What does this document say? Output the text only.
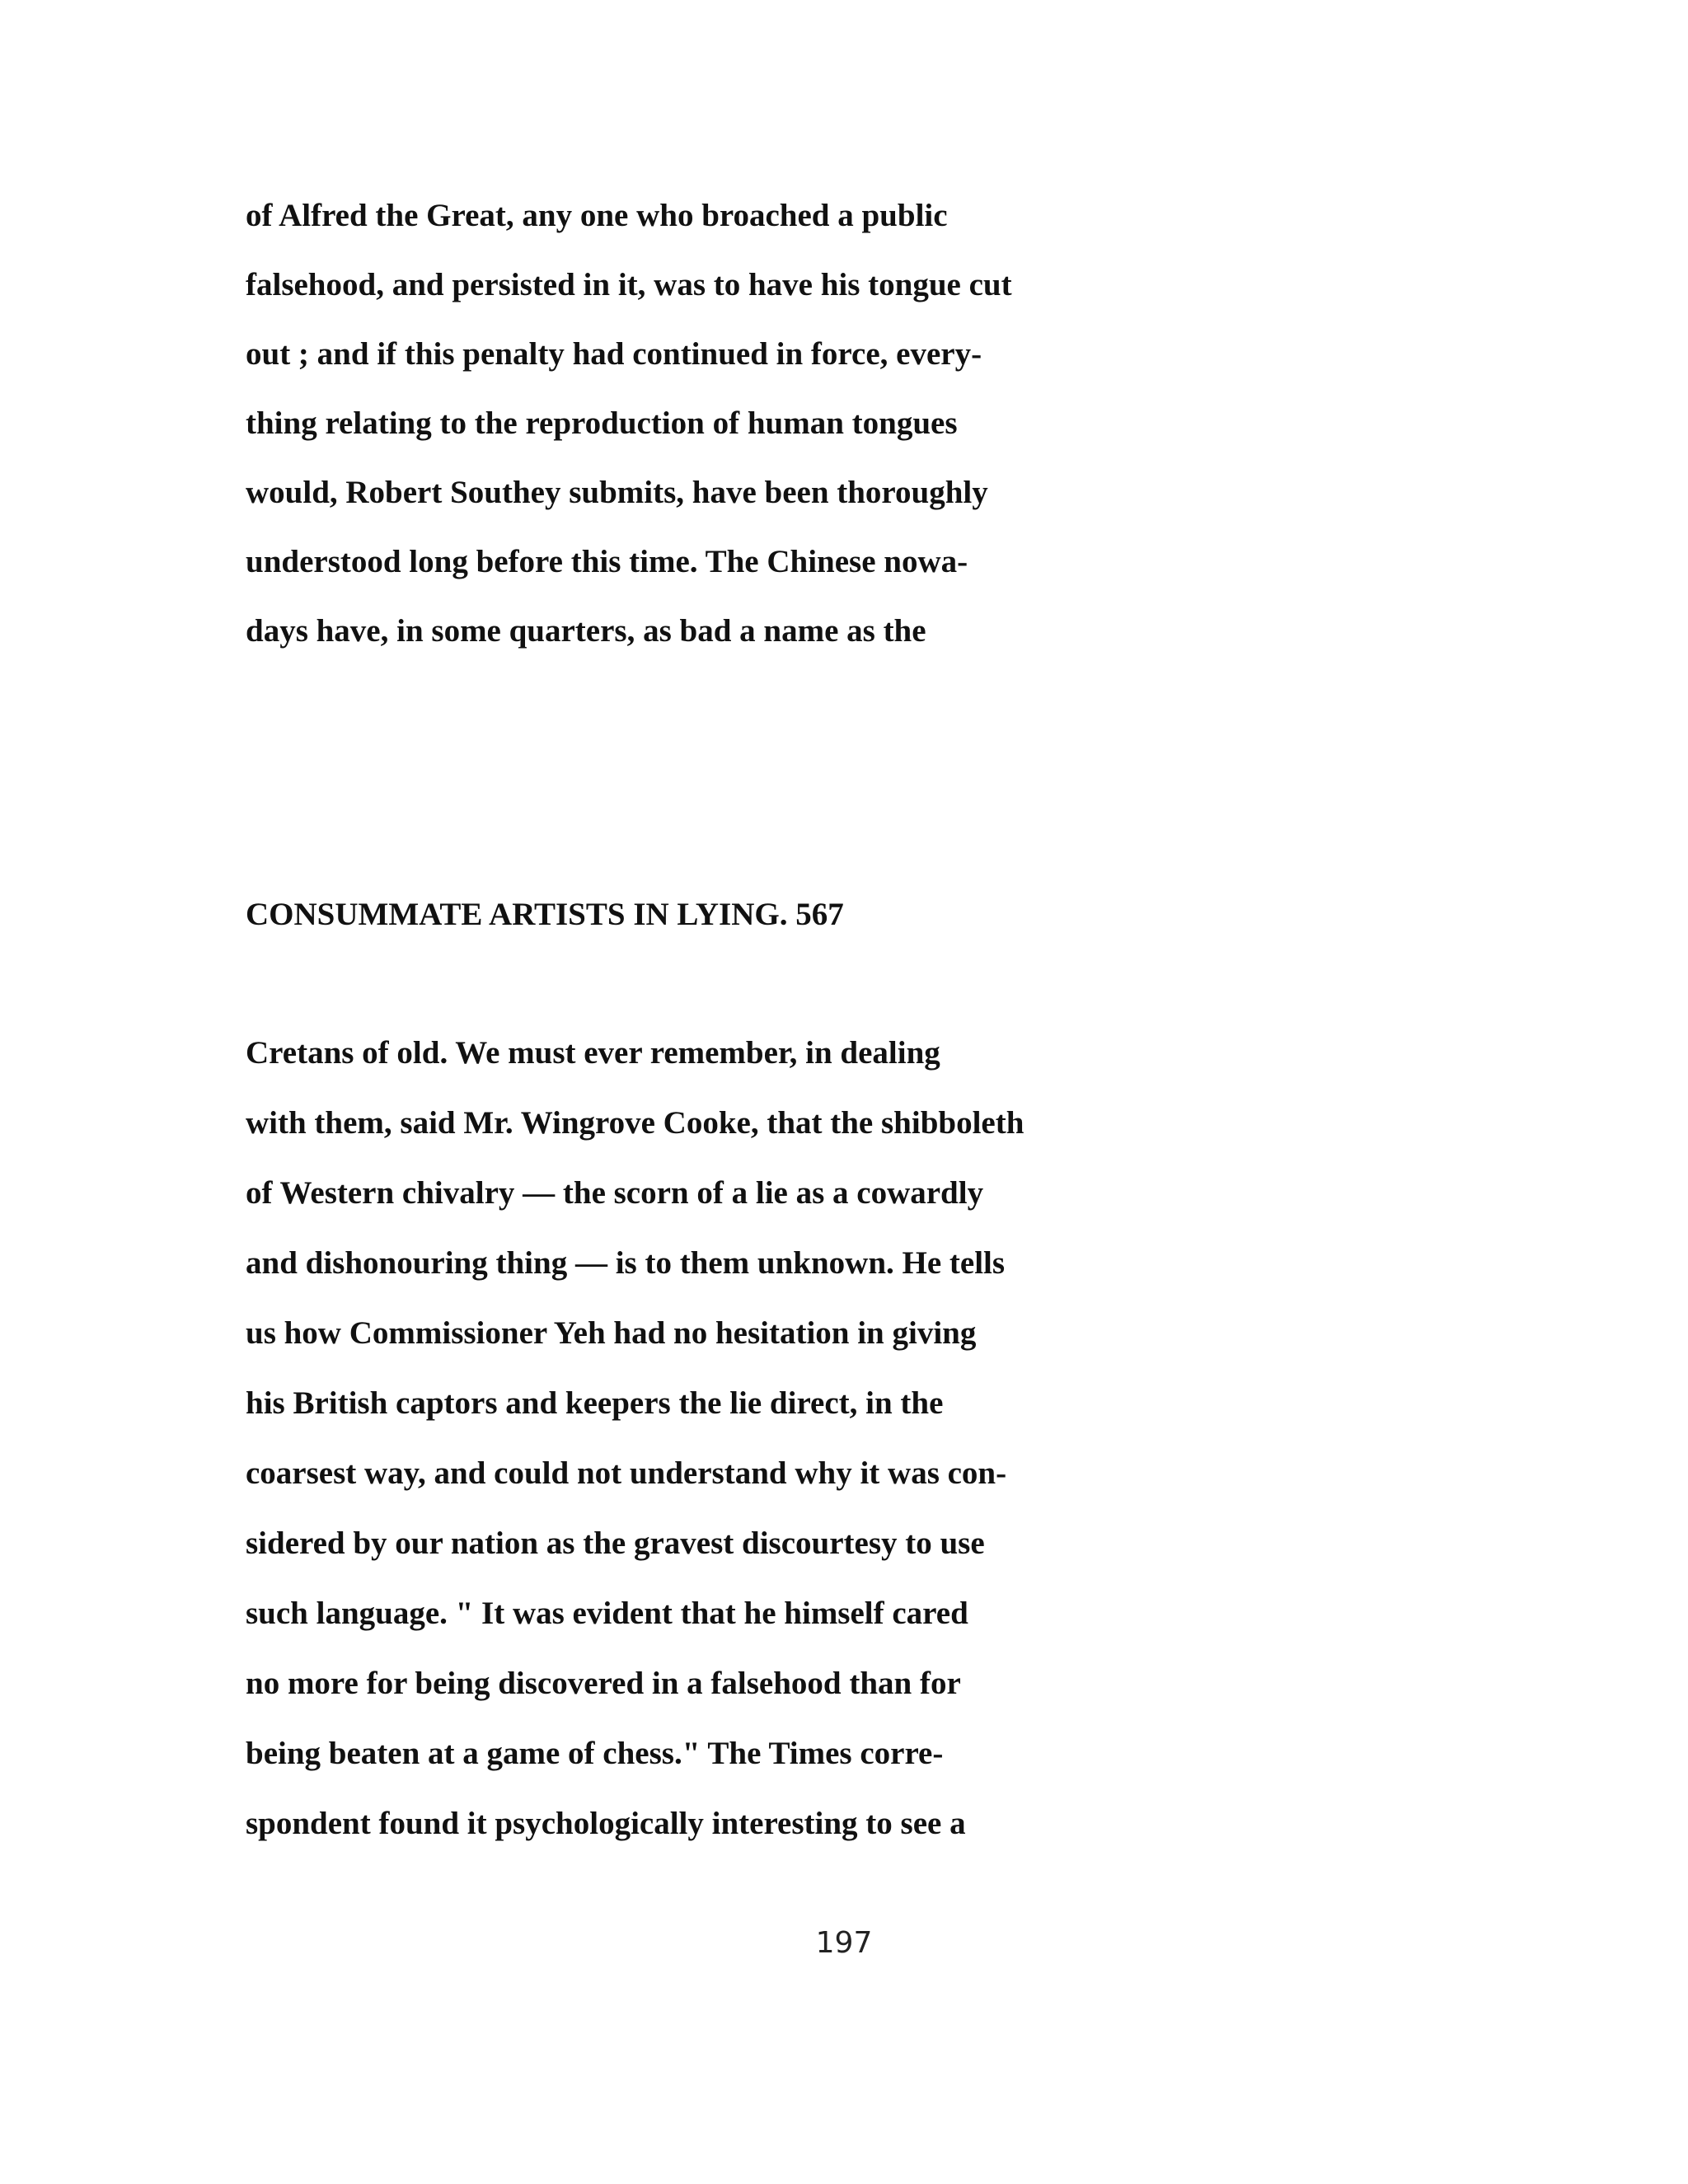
of Alfred the Great, any one who broached a public

falsehood, and persisted in it, was to have his tongue cut

out ; and if this penalty had continued in force, every-

thing relating to the reproduction of human tongues

would, Robert Southey submits, have been thoroughly

understood long before this time. The Chinese nowa-

days have, in some quarters, as bad a name as the

CONSUMMATE ARTISTS IN LYING. 567

Cretans of old. We must ever remember, in dealing

with them, said Mr. Wingrove Cooke, that the shibboleth

of Western chivalry — the scorn of a lie as a cowardly

and dishonouring thing — is to them unknown. He tells

us how Commissioner Yeh had no hesitation in giving

his British captors and keepers the lie direct, in the

coarsest way, and could not understand why it was con-

sidered by our nation as the gravest discourtesy to use

such language. " It was evident that he himself cared

no more for being discovered in a falsehood than for

being beaten at a game of chess." The Times corre-

spondent found it psychologically interesting to see a

197
